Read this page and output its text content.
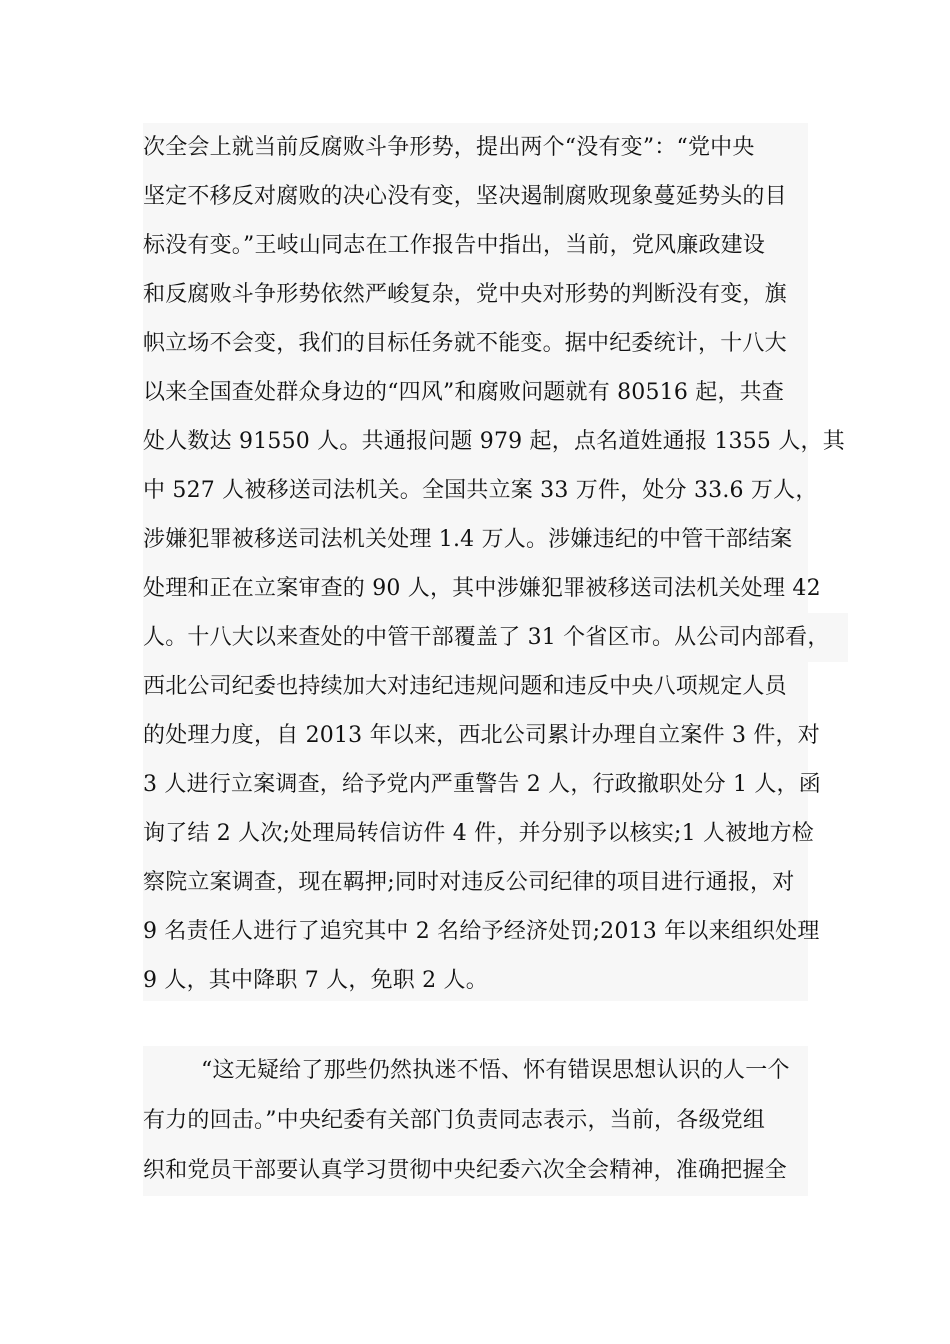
次全会上就当前反腐败斗争形势，提出两个“没有变”：“党中央
坚定不移反对腐败的决心没有变，坚决遏制腐败现象蔓延势头的目
标没有变。”王岐山同志在工作报告中指出，当前，党风廉政建设
和反腐败斗争形势依然严峻复杂，党中央对形势的判断没有变，旗
帜立场不会变，我们的目标任务就不能变。据中纪委统计，十八大
以来全国查处群众身边的“四风”和腐败问题就有 80516 起，共查
处人数达 91550 人。共通报问题 979 起，点名道姓通报 1355 人，其
中 527 人被移送司法机关。全国共立案 33 万件，处分 33.6 万人，
涉嫌犯罪被移送司法机关处理 1.4 万人。涉嫌违纪的中管干部结案
处理和正在立案审查的 90 人，其中涉嫌犯罪被移送司法机关处理 42
人。十八大以来查处的中管干部覆盖了 31 个省区市。从公司内部看，
西北公司纪委也持续加大对违纪违规问题和违反中央八项规定人员
的处理力度，自 2013 年以来，西北公司累计办理自立案件 3 件，对
3 人进行立案调查，给予党内严重警告 2 人，行政撤职处分 1 人，函
询了结 2 人次;处理局转信访件 4 件，并分别予以核实;1 人被地方检
察院立案调查，现在羁押;同时对违反公司纪律的项目进行通报，对
9 名责任人进行了追究其中 2 名给予经济处罚;2013 年以来组织处理
9 人，其中降职 7 人，免职 2 人。
“这无疑给了那些仍然执迷不悟、怀有错误思想认识的人一个
有力的回击。”中央纪委有关部门负责同志表示，当前，各级党组
织和党员干部要认真学习贯彻中央纪委六次全会精神，准确把握全
